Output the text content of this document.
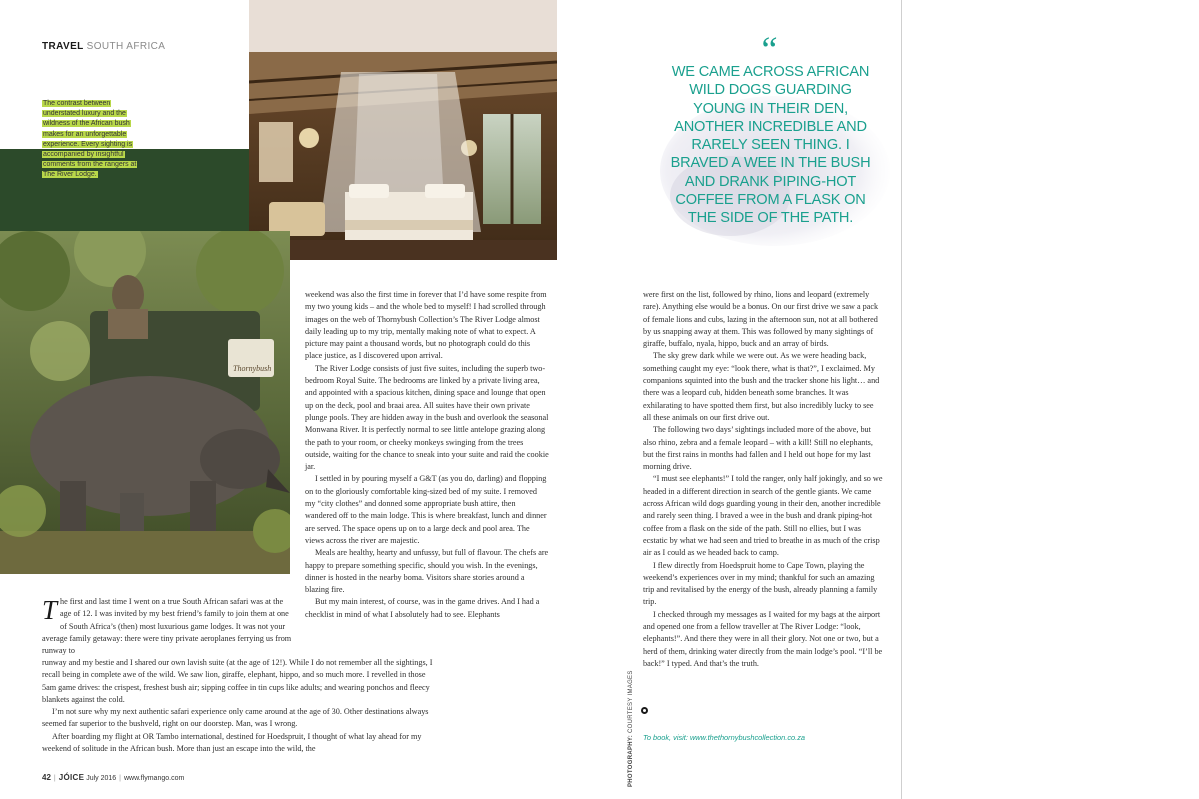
TRAVEL SOUTH AFRICA
The contrast between understated luxury and the wildness of the African bush makes for an unforgettable experience. Every sighting is accompanied by insightful comments from the rangers at The River Lodge.
Thornybush

weekend was also the first time in forever that I’d have some respite from my two young kids – and the whole bed to myself! I had scrolled through images on the web of Thornybush Collection’s The River Lodge almost daily leading up to my trip, mentally making note of what to expect. A picture may paint a thousand words, but no photograph could do this place justice, as I discovered upon arrival.

The River Lodge consists of just five suites, including the superb two-bedroom Royal Suite. The bedrooms are linked by a private living area, and appointed with a spacious kitchen, dining space and lounge that open up on the deck, pool and braai area. All suites have their own private plunge pools. They are hidden away in the bush and overlook the seasonal Monwana River. It is perfectly normal to see little antelope grazing along the path to your room, or cheeky monkeys swinging from the trees outside, waiting for the chance to sneak into your suite and raid the cookie jar.

I settled in by pouring myself a G&T (as you do, darling) and flopping on to the gloriously comfortable king-sized bed of my suite. I removed my “city clothes” and donned some appropriate bush attire, then wandered off to the main lodge. This is where breakfast, lunch and dinner are served. The space opens up on to a large deck and pool area. The views across the river are majestic.

Meals are healthy, hearty and unfussy, but full of flavour. The chefs are happy to prepare something specific, should you wish. In the evenings, dinner is hosted in the nearby boma. Visitors share stories around a blazing fire.

But my main interest, of course, was in the game drives. And I had a checklist in mind of what I absolutely had to see. Elephants

The first and last time I went on a true South African safari was at the age of 12. I was invited by my best friend’s family to join them at one of South Africa’s (then) most luxurious game lodges. It was not your average family getaway: there were tiny private aeroplanes ferrying us from runway to

runway and my bestie and I shared our own lavish suite (at the age of 12!). While I do not remember all the sightings, I recall being in complete awe of the wild. We saw lion, giraffe, elephant, hippo, and so much more. I revelled in those 5am game drives: the crispest, freshest bush air; sipping coffee in tin cups like adults; and wearing ponchos and fleecy blankets against the cold.

I’m not sure why my next authentic safari experience only came around at the age of 30. Other destinations always seemed far superior to the bushveld, right on our doorstep. Man, was I wrong.

After boarding my flight at OR Tambo international, destined for Hoedspruit, I thought of what lay ahead for my weekend of solitude in the African bush. More than just an escape into the wild, the

were first on the list, followed by rhino, lions and leopard (extremely rare). Anything else would be a bonus. On our first drive we saw a pack of female lions and cubs, lazing in the afternoon sun, not at all bothered by us snapping away at them. This was followed by many sightings of giraffe, buffalo, nyala, hippo, buck and an array of birds.

The sky grew dark while we were out. As we were heading back, something caught my eye: “look there, what is that?”, I exclaimed. My companions squinted into the bush and the tracker shone his light… and there was a leopard cub, hidden beneath some branches. It was exhilarating to have spotted them first, but also incredibly lucky to see all these animals on our first drive out.

The following two days’ sightings included more of the above, but also rhino, zebra and a female leopard – with a kill! Still no elephants, but the first rains in months had fallen and I held out hope for my last morning drive.

“I must see elephants!” I told the ranger, only half jokingly, and so we headed in a different direction in search of the gentle giants. We came across African wild dogs guarding young in their den, another incredible and rarely seen thing. I braved a wee in the bush and drank piping-hot coffee from a flask on the side of the path. Still no ellies, but I was ecstatic by what we had seen and tried to breathe in as much of the crisp air as I could as we headed back to camp.

I flew directly from Hoedspruit home to Cape Town, playing the weekend’s experiences over in my mind; thankful for such an amazing trip and revitalised by the energy of the bush, already planning a family trip.

I checked through my messages as I waited for my bags at the airport and opened one from a fellow traveller at The River Lodge: “look, elephants!”. And there they were in all their glory. Not one or two, but a herd of them, drinking water directly from the main lodge’s pool. “I’ll be back!” I typed. And that’s the truth.

“
WE CAME ACROSS AFRICAN WILD DOGS GUARDING YOUNG IN THEIR DEN, ANOTHER INCREDIBLE AND RARELY SEEN THING. I BRAVED A WEE IN THE BUSH AND DRANK PIPING-HOT COFFEE FROM A FLASK ON THE SIDE OF THE PATH.
PHOTOGRAPHY: COURTESY IMAGES
To book, visit: www.thethornybushcollection.co.za
42 | JÓICE July 2016 | www.flymango.com
